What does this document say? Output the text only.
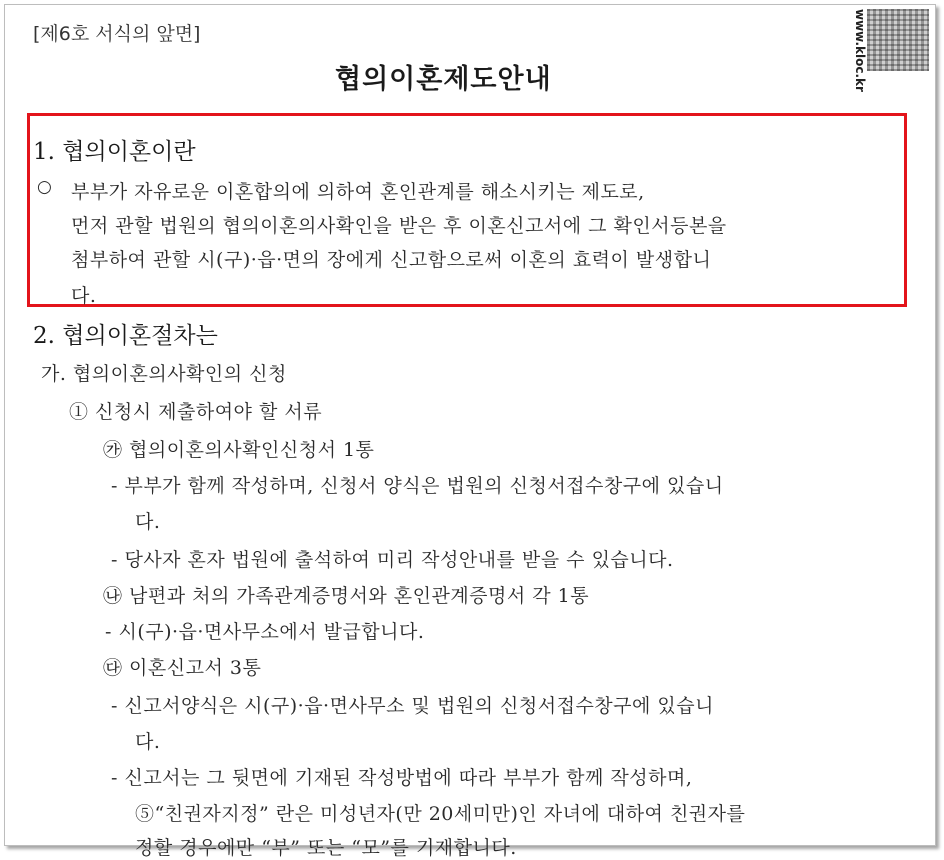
[제6호 서식의 앞면]
협의이혼제도안내	www.kloc.kr
1. 협의이혼이란
○ 부부가 자유로운 이혼합의에 의하여 혼인관계를 해소시키는 제도로,
먼저 관할 법원의 협의이혼의사확인을 받은 후 이혼신고서에 그 확인서등본을
첨부하여 관할 시(구)·읍·면의 장에게 신고함으로써 이혼의 효력이 발생합니
다.
2. 협의이혼절차는
가. 협의이혼의사확인의 신청
① 신청시 제출하여야 할 서류
㉮ 협의이혼의사확인신청서 1통
- 부부가 함께 작성하며, 신청서 양식은 법원의 신청서접수창구에 있습니
다.
- 당사자 혼자 법원에 출석하여 미리 작성안내를 받을 수 있습니다.
㉯ 남편과 처의 가족관계증명서와 혼인관계증명서 각 1통
- 시(구)·읍·면사무소에서 발급합니다.
㉰ 이혼신고서 3통
- 신고서양식은 시(구)·읍·면사무소 및 법원의 신청서접수창구에 있습니
다.
- 신고서는 그 뒷면에 기재된 작성방법에 따라 부부가 함께 작성하며,
⑤“친권자지정” 란은 미성년자(만 20세미만)인 자녀에 대하여 친권자를
정할 경우에만 “부” 또는 “모”를 기재합니다.
